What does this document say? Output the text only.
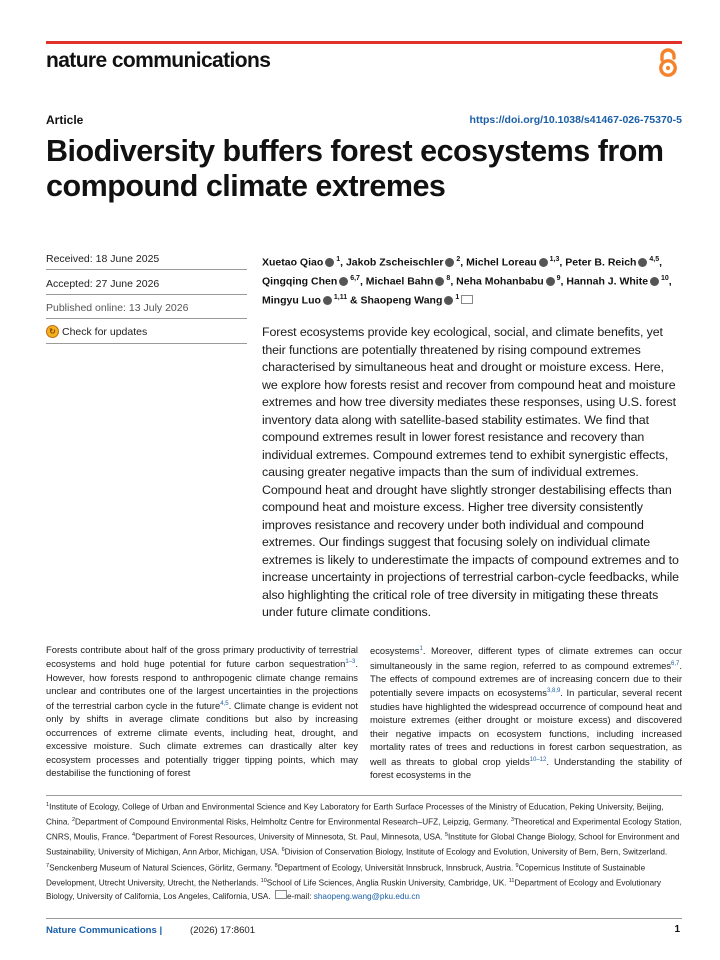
nature communications
Article	https://doi.org/10.1038/s41467-026-75370-5
Biodiversity buffers forest ecosystems from compound climate extremes
Received: 18 June 2025
Accepted: 27 June 2026
Published online: 13 July 2026
↻ Check for updates
Xuetao Qiao $^1$, Jakob Zscheischler $^2$, Michel Loreau $^{1,3}$, Peter B. Reich $^{4,5}$, Qingqing Chen $^{6,7}$, Michael Bahn $^8$, Neha Mohanbabu $^9$, Hannah J. White $^{10}$, Mingyu Luo $^{1,11}$ & Shaopeng Wang $^1$

Forest ecosystems provide key ecological, social, and climate benefits, yet their functions are potentially threatened by rising compound extremes characterised by simultaneous heat and drought or moisture excess. Here, we explore how forests resist and recover from compound heat and moisture extremes and how tree diversity mediates these responses, using U.S. forest inventory data along with satellite-based stability estimates. We find that compound extremes result in lower forest resistance and recovery than individual extremes. Compound extremes tend to exhibit synergistic effects, causing greater negative impacts than the sum of individual extremes. Compound heat and drought have slightly stronger destabilising effects than compound heat and moisture excess. Higher tree diversity consistently improves resistance and recovery under both individual and compound extremes. Our findings suggest that focusing solely on individual climate extremes is likely to underestimate the impacts of compound extremes and to increase uncertainty in projections of terrestrial carbon-cycle feedbacks, while also highlighting the critical role of tree diversity in mitigating these threats under future climate conditions.

Forests contribute about half of the gross primary productivity of terrestrial ecosystems and hold huge potential for future carbon sequestration$^{1-3}$. However, how forests respond to anthropogenic climate change remains unclear and contributes one of the largest uncertainties in the projections of the terrestrial carbon cycle in the future$^{4,5}$. Climate change is evident not only by shifts in average climate conditions but also by increasing occurrences of extreme climate events, including heat, drought, and excessive moisture. Such climate extremes can drastically alter key ecosystem processes and potentially trigger tipping points, which may destabilise the functioning of forest

ecosystems$^1$. Moreover, different types of climate extremes can occur simultaneously in the same region, referred to as compound extremes$^{6,7}$. The effects of compound extremes are of increasing concern due to their potentially severe impacts on ecosystems$^{3,8,9}$. In particular, several recent studies have highlighted the widespread occurrence of compound heat and moisture extremes (either drought or moisture excess) and discovered their negative impacts on ecosystem functions, including increased mortality rates of trees and reductions in forest carbon sequestration, as well as threats to global crop yields$^{10-12}$. Understanding the stability of forest ecosystems in the

$^1$Institute of Ecology, College of Urban and Environmental Science and Key Laboratory for Earth Surface Processes of the Ministry of Education, Peking University, Beijing, China. $^2$Department of Compound Environmental Risks, Helmholtz Centre for Environmental Research–UFZ, Leipzig, Germany. $^3$Theoretical and Experimental Ecology Station, CNRS, Moulis, France. $^4$Department of Forest Resources, University of Minnesota, St. Paul, Minnesota, USA. $^5$Institute for Global Change Biology, School for Environment and Sustainability, University of Michigan, Ann Arbor, Michigan, USA. $^6$Division of Conservation Biology, Institute of Ecology and Evolution, University of Bern, Bern, Switzerland. $^7$Senckenberg Museum of Natural Sciences, Görlitz, Germany. $^8$Department of Ecology, Universität Innsbruck, Innsbruck, Austria. $^9$Copernicus Institute of Sustainable Development, Utrecht University, Utrecht, the Netherlands. $^{10}$School of Life Sciences, Anglia Ruskin University, Cambridge, UK. $^{11}$Department of Ecology and Evolutionary Biology, University of California, Los Angeles, California, USA. e-mail: shaopeng.wang@pku.edu.cn

Nature Communications |	(2026) 17:8601	1
